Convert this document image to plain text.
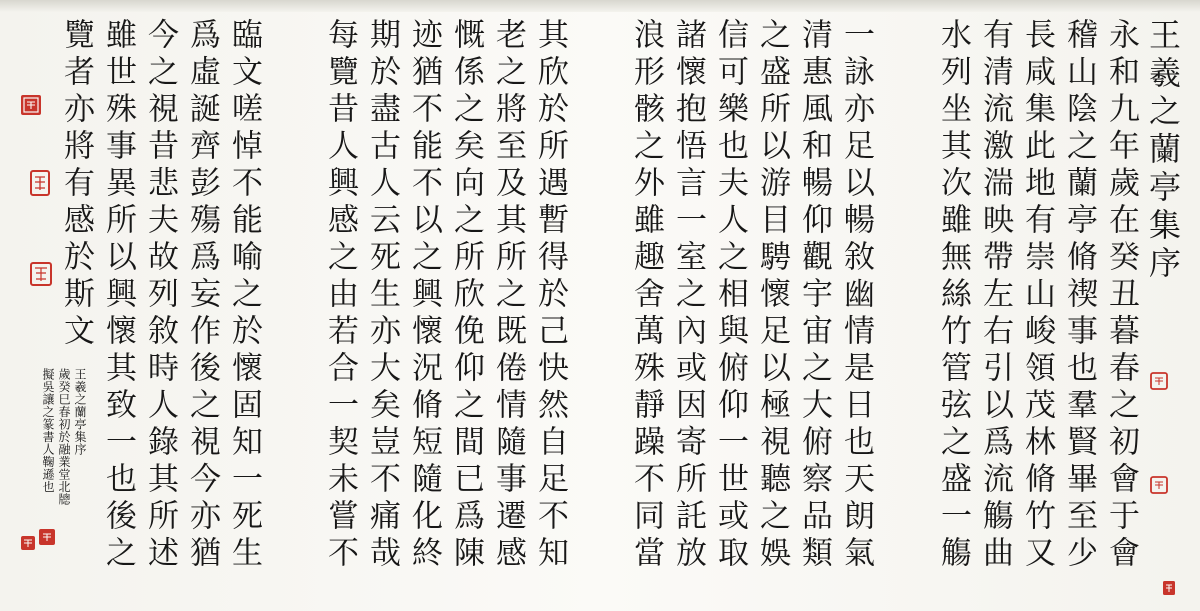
王羲之蘭亭集序
永和九年歲在癸丑暮春之初會于會
稽山陰之蘭亭脩禊事也羣賢畢至少
長咸集此地有崇山峻領茂林脩竹又
有清流激湍映帶左右引以爲流觴曲
水列坐其次雖無絲竹管弦之盛一觴
一詠亦足以暢敘幽情是日也天朗氣
清惠風和暢仰觀宇宙之大俯察品類
之盛所以游目騁懷足以極視聽之娛
信可樂也夫人之相與俯仰一世或取
諸懷抱悟言一室之內或因寄所託放
浪形骸之外雖趣舍萬殊靜躁不同當
其欣於所遇暫得於己快然自足不知
老之將至及其所之既倦情隨事遷感
慨係之矣向之所欣俛仰之間已爲陳
迹猶不能不以之興懷況脩短隨化終
期於盡古人云死生亦大矣豈不痛哉
每覽昔人興感之由若合一契未嘗不
臨文嗟悼不能喻之於懷固知一死生
爲虛誕齊彭殤爲妄作後之視今亦猶
今之視昔悲夫故列敘時人錄其所述
雖世殊事異所以興懷其致一也後之
覽者亦將有感於斯文
王羲之蘭亭集序
歲癸巳春初於融業堂北牕
擬吳讓之篆書人鞠遜也
